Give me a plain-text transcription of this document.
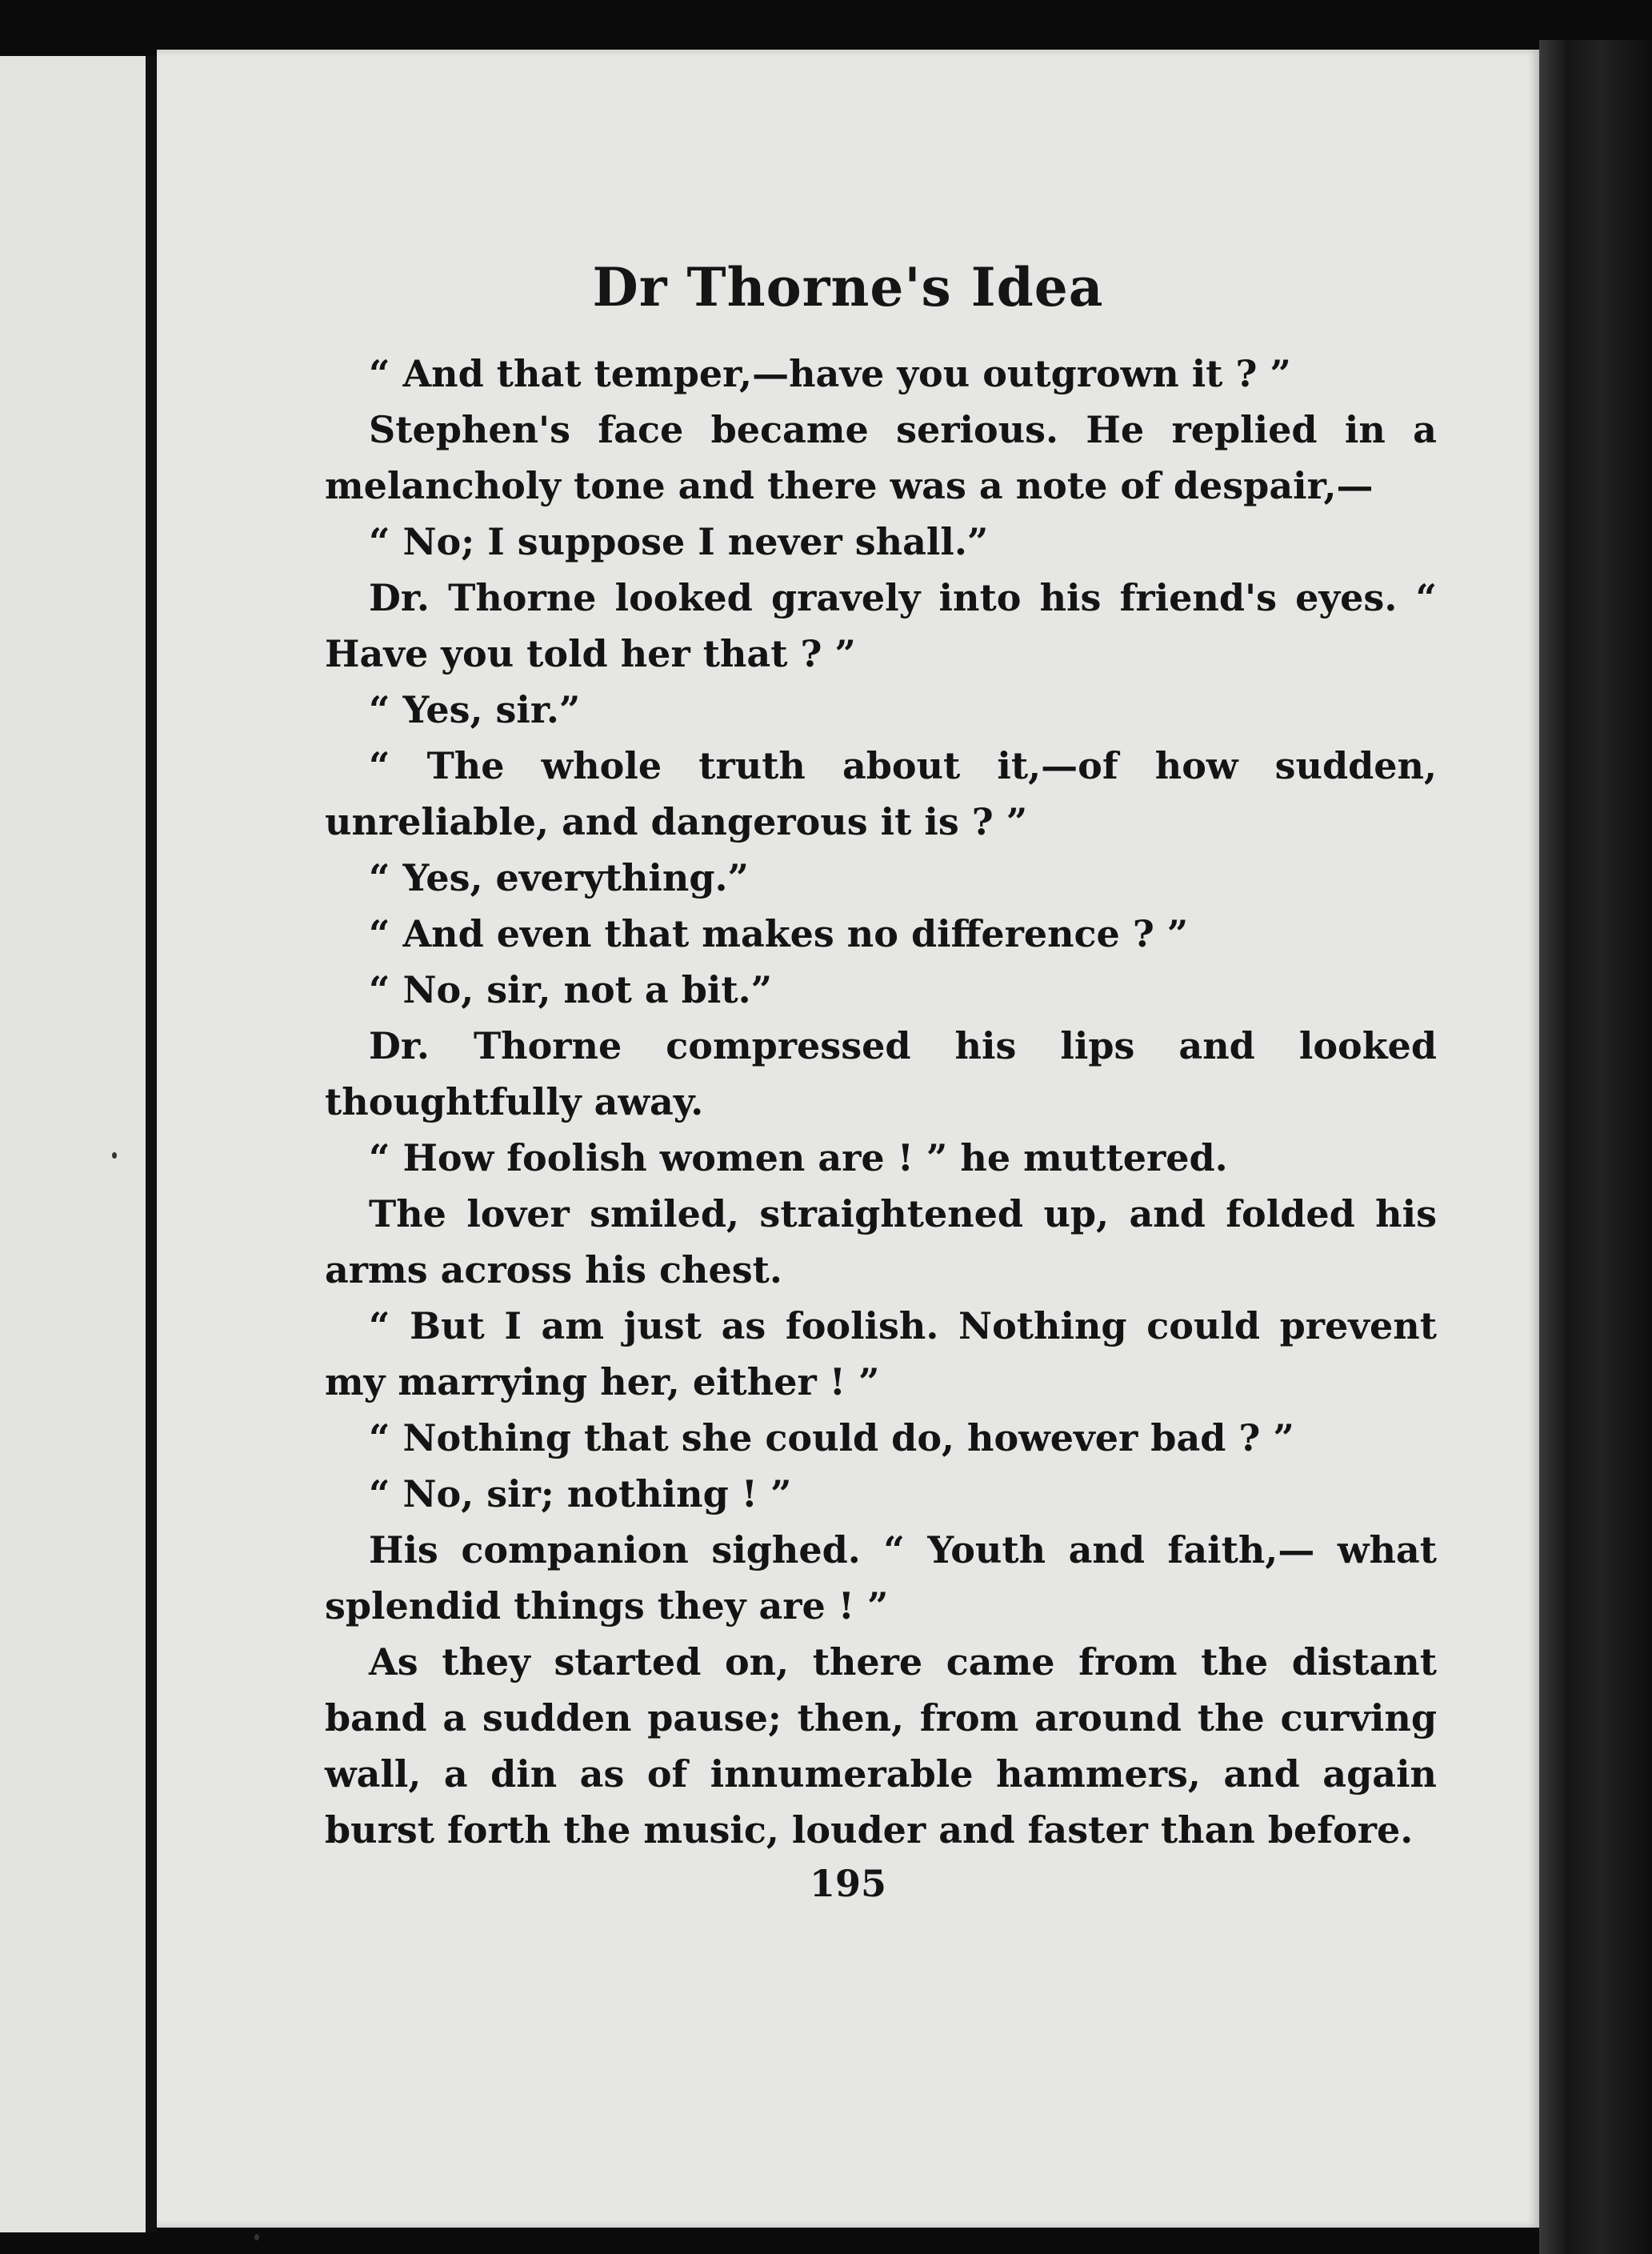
Dr Thorne's Idea

“ And that temper,—have you outgrown it ? ”

Stephen's face became serious. He replied in a melancholy tone and there was a note of despair,—

“ No; I suppose I never shall.”

Dr. Thorne looked gravely into his friend's eyes. “ Have you told her that ? ”

“ Yes, sir.”

“ The whole truth about it,—of how sudden, unreliable, and dangerous it is ? ”

“ Yes, everything.”

“ And even that makes no difference ? ”

“ No, sir, not a bit.”

Dr. Thorne compressed his lips and looked thoughtfully away.

“ How foolish women are ! ” he muttered.

The lover smiled, straightened up, and folded his arms across his chest.

“ But I am just as foolish. Nothing could prevent my marrying her, either ! ”

“ Nothing that she could do, however bad ? ”

“ No, sir; nothing ! ”

His companion sighed. “ Youth and faith,— what splendid things they are ! ”

As they started on, there came from the distant band a sudden pause; then, from around the curving wall, a din as of innumerable hammers, and again burst forth the music, louder and faster than before.

195
